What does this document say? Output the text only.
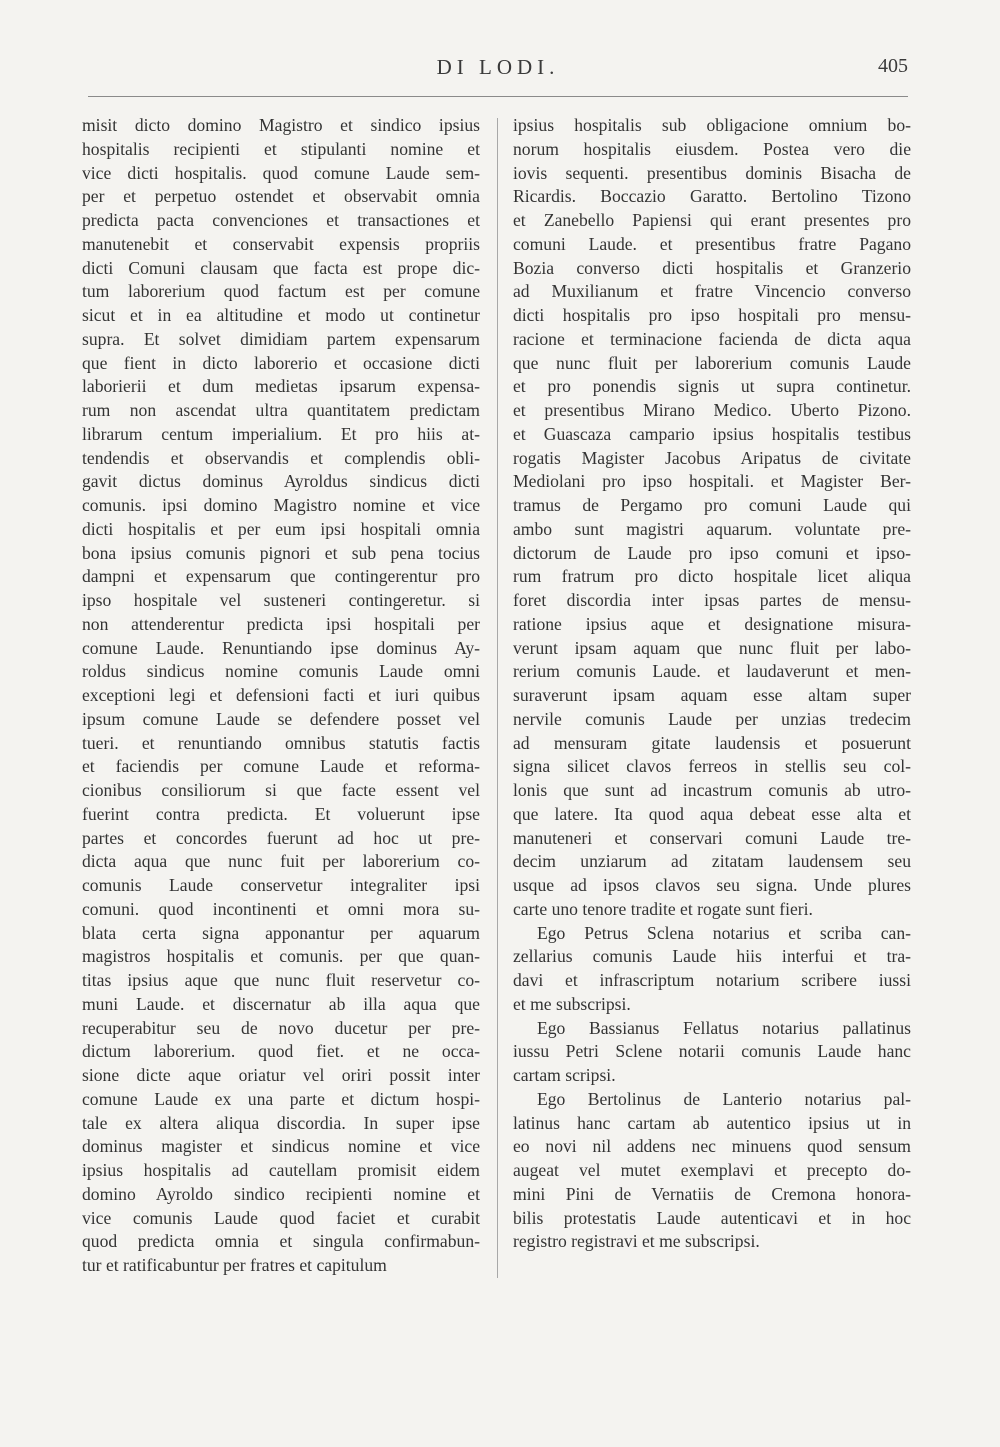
DI LODI.	405
misit dicto domino Magistro et sindico ipsius
hospitalis recipienti et stipulanti nomine et
vice dicti hospitalis. quod comune Laude sem-
per et perpetuo ostendet et observabit omnia
predicta pacta convenciones et transactiones et
manutenebit et conservabit expensis propriis
dicti Comuni clausam que facta est prope dic-
tum laborerium quod factum est per comune
sicut et in ea altitudine et modo ut continetur
supra. Et solvet dimidiam partem expensarum
que fient in dicto laborerio et occasione dicti
laborierii et dum medietas ipsarum expensa-
rum non ascendat ultra quantitatem predictam
librarum centum imperialium. Et pro hiis at-
tendendis et observandis et complendis obli-
gavit dictus dominus Ayroldus sindicus dicti
comunis. ipsi domino Magistro nomine et vice
dicti hospitalis et per eum ipsi hospitali omnia
bona ipsius comunis pignori et sub pena tocius
dampni et expensarum que contingerentur pro
ipso hospitale vel susteneri contingeretur. si
non attenderentur predicta ipsi hospitali per
comune Laude. Renuntiando ipse dominus Ay-
roldus sindicus nomine comunis Laude omni
exceptioni legi et defensioni facti et iuri quibus
ipsum comune Laude se defendere posset vel
tueri. et renuntiando omnibus statutis factis
et faciendis per comune Laude et reforma-
cionibus consiliorum si que facte essent vel
fuerint contra predicta. Et voluerunt ipse
partes et concordes fuerunt ad hoc ut pre-
dicta aqua que nunc fuit per laborerium co-
comunis Laude conservetur integraliter ipsi
comuni. quod incontinenti et omni mora su-
blata certa signa apponantur per aquarum
magistros hospitalis et comunis. per que quan-
titas ipsius aque que nunc fluit reservetur co-
muni Laude. et discernatur ab illa aqua que
recuperabitur seu de novo ducetur per pre-
dictum laborerium. quod fiet. et ne occa-
sione dicte aque oriatur vel oriri possit inter
comune Laude ex una parte et dictum hospi-
tale ex altera aliqua discordia. In super ipse
dominus magister et sindicus nomine et vice
ipsius hospitalis ad cautellam promisit eidem
domino Ayroldo sindico recipienti nomine et
vice comunis Laude quod faciet et curabit
quod predicta omnia et singula confirmabun-
tur et ratificabuntur per fratres et capitulum
ipsius hospitalis sub obligacione omnium bo-
norum hospitalis eiusdem. Postea vero die
iovis sequenti. presentibus dominis Bisacha de
Ricardis. Boccazio Garatto. Bertolino Tizono
et Zanebello Papiensi qui erant presentes pro
comuni Laude. et presentibus fratre Pagano
Bozia converso dicti hospitalis et Granzerio
ad Muxilianum et fratre Vincencio converso
dicti hospitalis pro ipso hospitali pro mensu-
racione et terminacione facienda de dicta aqua
que nunc fluit per laborerium comunis Laude
et pro ponendis signis ut supra continetur.
et presentibus Mirano Medico. Uberto Pizono.
et Guascaza campario ipsius hospitalis testibus
rogatis Magister Jacobus Aripatus de civitate
Mediolani pro ipso hospitali. et Magister Ber-
tramus de Pergamo pro comuni Laude qui
ambo sunt magistri aquarum. voluntate pre-
dictorum de Laude pro ipso comuni et ipso-
rum fratrum pro dicto hospitale licet aliqua
foret discordia inter ipsas partes de mensu-
ratione ipsius aque et designatione misura-
verunt ipsam aquam que nunc fluit per labo-
rerium comunis Laude. et laudaverunt et men-
suraverunt ipsam aquam esse altam super
nervile comunis Laude per unzias tredecim
ad mensuram gitate laudensis et posuerunt
signa silicet clavos ferreos in stellis seu col-
lonis que sunt ad incastrum comunis ab utro-
que latere. Ita quod aqua debeat esse alta et
manuteneri et conservari comuni Laude tre-
decim unziarum ad zitatam laudensem seu
usque ad ipsos clavos seu signa. Unde plures
carte uno tenore tradite et rogate sunt fieri.
Ego Petrus Sclena notarius et scriba can-
zellarius comunis Laude hiis interfui et tra-
davi et infrascriptum notarium scribere iussi
et me subscripsi.
Ego Bassianus Fellatus notarius pallatinus
iussu Petri Sclene notarii comunis Laude hanc
cartam scripsi.
Ego Bertolinus de Lanterio notarius pal-
latinus hanc cartam ab autentico ipsius ut in
eo novi nil addens nec minuens quod sensum
augeat vel mutet exemplavi et precepto do-
mini Pini de Vernatiis de Cremona honora-
bilis protestatis Laude autenticavi et in hoc
registro registravi et me subscripsi.
